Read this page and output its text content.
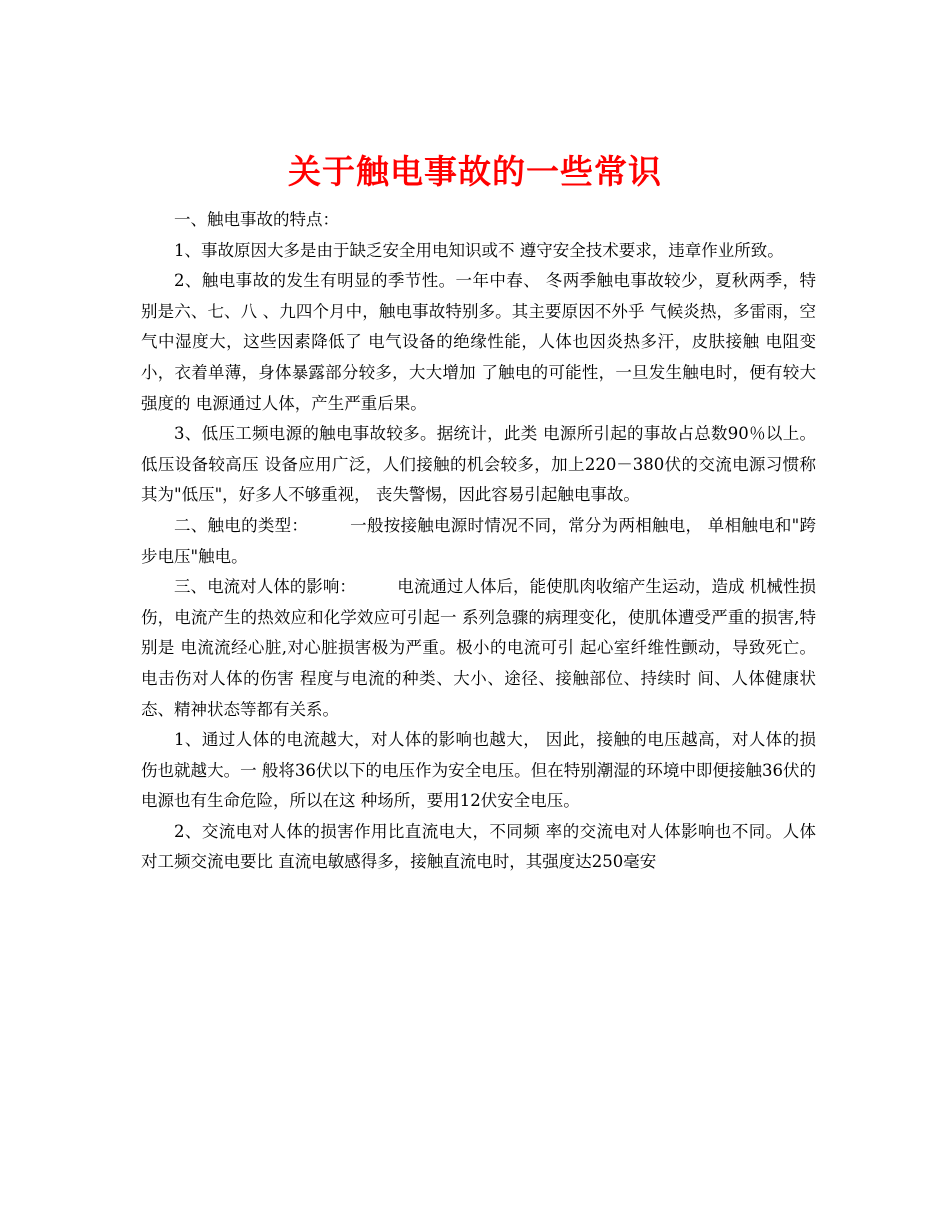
关于触电事故的一些常识

一、触电事故的特点：

1、事故原因大多是由于缺乏安全用电知识或不 遵守安全技术要求，违章作业所致。

2、触电事故的发生有明显的季节性。一年中春、 冬两季触电事故较少，夏秋两季，特别是六、七、八 、九四个月中，触电事故特别多。其主要原因不外乎 气候炎热，多雷雨，空气中湿度大，这些因素降低了 电气设备的绝缘性能，人体也因炎热多汗，皮肤接触 电阻变小，衣着单薄，身体暴露部分较多，大大增加 了触电的可能性，一旦发生触电时，便有较大强度的 电源通过人体，产生严重后果。

3、低压工频电源的触电事故较多。据统计，此类 电源所引起的事故占总数90％以上。低压设备较高压 设备应用广泛，人们接触的机会较多，加上220－380伏的交流电源习惯称其为"低压"，好多人不够重视， 丧失警惕，因此容易引起触电事故。

二、触电的类型：　　　一般按接触电源时情况不同，常分为两相触电， 单相触电和"跨步电压"触电。

三、电流对人体的影响：　　　电流通过人体后，能使肌肉收缩产生运动，造成 机械性损伤，电流产生的热效应和化学效应可引起一 系列急骤的病理变化，使肌体遭受严重的损害,特别是 电流流经心脏,对心脏损害极为严重。极小的电流可引 起心室纤维性颤动，导致死亡。电击伤对人体的伤害 程度与电流的种类、大小、途径、接触部位、持续时 间、人体健康状态、精神状态等都有关系。

1、通过人体的电流越大，对人体的影响也越大， 因此，接触的电压越高，对人体的损伤也就越大。一 般将36伏以下的电压作为安全电压。但在特别潮湿的环境中即便接触36伏的电源也有生命危险，所以在这 种场所，要用12伏安全电压。

2、交流电对人体的损害作用比直流电大，不同频 率的交流电对人体影响也不同。人体对工频交流电要比 直流电敏感得多，接触直流电时，其强度达250毫安
